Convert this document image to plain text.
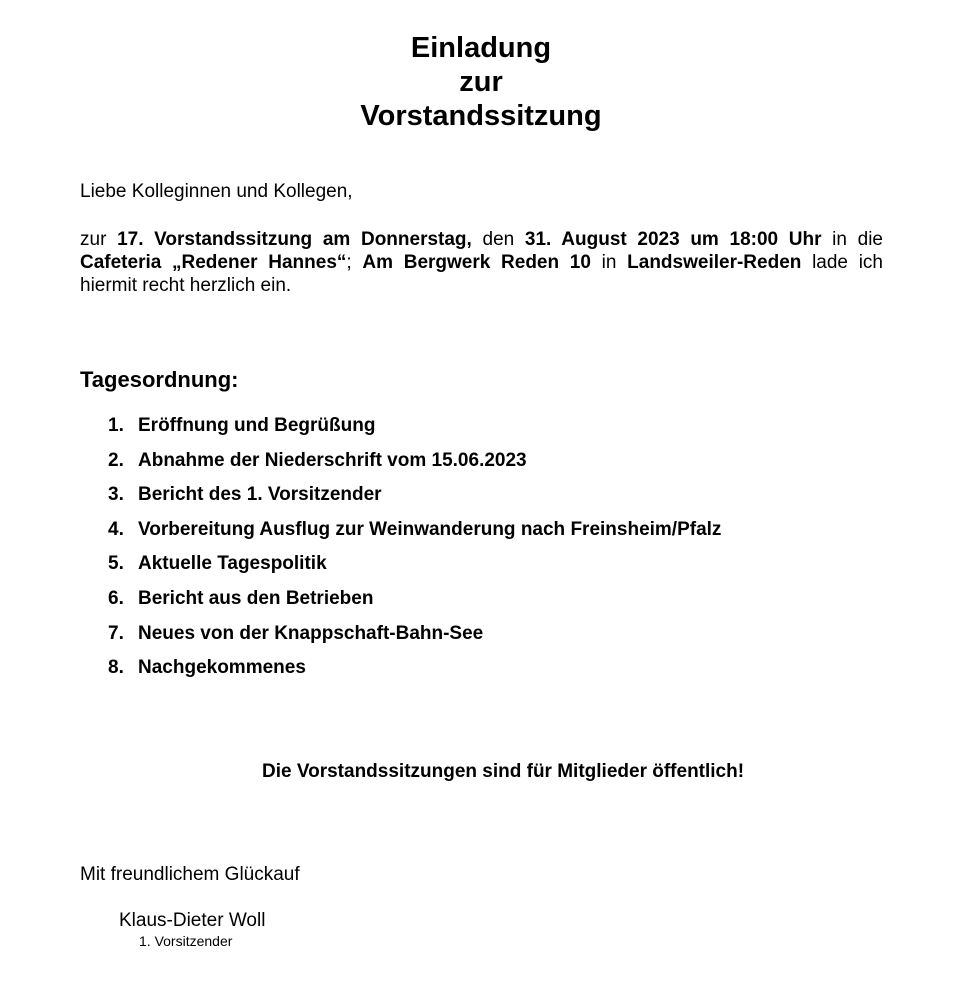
Einladung
zur
Vorstandssitzung

Liebe Kolleginnen und Kollegen,

zur 17. Vorstandssitzung am Donnerstag, den 31. August 2023 um 18:00 Uhr in die Cafeteria „Redener Hannes“; Am Bergwerk Reden 10 in Landsweiler-Reden lade ich hiermit recht herzlich ein.

Tagesordnung:
1. Eröffnung und Begrüßung
2. Abnahme der Niederschrift vom 15.06.2023
3. Bericht des 1. Vorsitzender
4. Vorbereitung Ausflug zur Weinwanderung nach Freinsheim/Pfalz
5. Aktuelle Tagespolitik
6. Bericht aus den Betrieben
7. Neues von der Knappschaft-Bahn-See
8. Nachgekommenes

Die Vorstandssitzungen sind für Mitglieder öffentlich!

Mit freundlichem Glückauf

Klaus-Dieter Woll

1. Vorsitzender
